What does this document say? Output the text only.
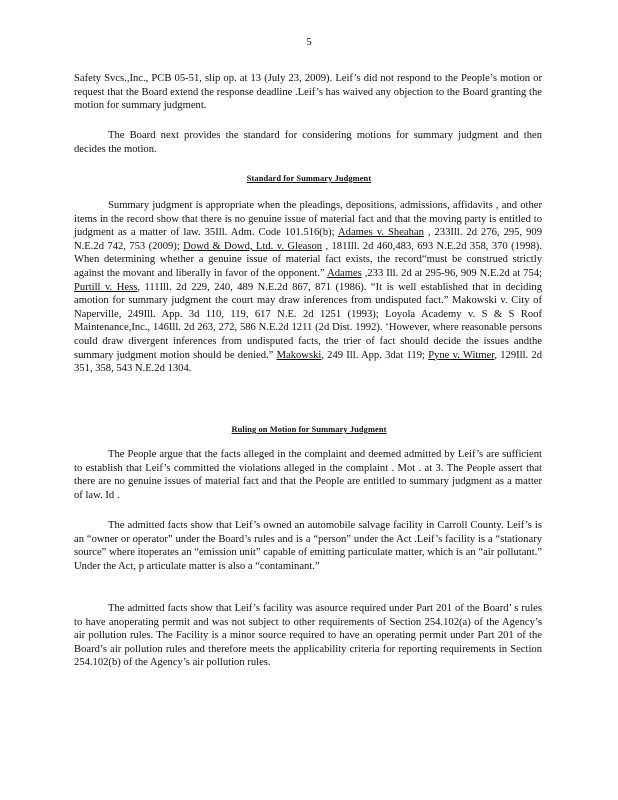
5

Safety Svcs.,Inc., PCB 05-51, slip op. at 13 (July 23, 2009). Leif’s did not respond to the People’s motion or request that the Board extend the response deadline .Leif’s has waived any objection to the Board granting the motion for summary judgment.

The Board next provides the standard for considering motions for summary judgment and then decides the motion.

Standard for Summary Judgment

Summary judgment is appropriate when the pleadings, depositions, admissions, affidavits , and other items in the record show that there is no genuine issue of material fact and that the moving party is entitled to judgment as a matter of law. 35Ill. Adm. Code 101.516(b); Adames v. Sheahan , 233Ill. 2d 276, 295, 909 N.E.2d 742, 753 (2009); Dowd & Dowd, Ltd. v. Gleason , 181Ill. 2d 460,483, 693 N.E.2d 358, 370 (1998). When determining whether a genuine issue of material fact exists, the record“must be construed strictly against the movant and liberally in favor of the opponent.” Adames ,233 Ill. 2d at 295-96, 909 N.E.2d at 754; Purtill v. Hess, 111Ill. 2d 229, 240, 489 N.E.2d 867, 871 (1986). “It is well established that in deciding amotion for summary judgment the court may draw inferences from undisputed fact.” Makowski v. City of Naperville, 249Ill. App. 3d 110, 119, 617 N.E. 2d 1251 (1993); Loyola Academy v. S & S Roof Maintenance,Inc., 146Ill. 2d 263, 272, 586 N.E.2d 1211 (2d Dist. 1992). ‘However, where reasonable persons could draw divergent inferences from undisputed facts, the trier of fact should decide the issues andthe summary judgment motion should be denied.” Makowski, 249 Ill. App. 3dat 119; Pyne v. Witmer, 129Ill. 2d 351, 358, 543 N.E.2d 1304.

Ruling on Motion for Summary Judgment

The People argue that the facts alleged in the complaint and deemed admitted by Leif’s are sufficient to establish that Leif’s committed the violations alleged in the complaint . Mot . at 3. The People assert that there are no genuine issues of material fact and that the People are entitled to summary judgment as a matter of law. Id .

The admitted facts show that Leif’s owned an automobile salvage facility in Carroll County. Leif’s is an “owner or operator” under the Board’s rules and is a “person” under the Act .Leif’s facility is a “stationary source” where itoperates an “emission unit” capable of emitting particulate matter, which is an “air pollutant.” Under the Act, p articulate matter is also a “contaminant.”

The admitted facts show that Leif’s facility was asource required under Part 201 of the Board’ s rules to have anoperating permit and was not subject to other requirements of Section 254.102(a) of the Agency’s air pollution rules. The Facility is a minor source required to have an operating permit under Part 201 of the Board’s air pollution rules and therefore meets the applicability criteria for reporting requirements in Section 254.102(b) of the Agency’s air pollution rules.
